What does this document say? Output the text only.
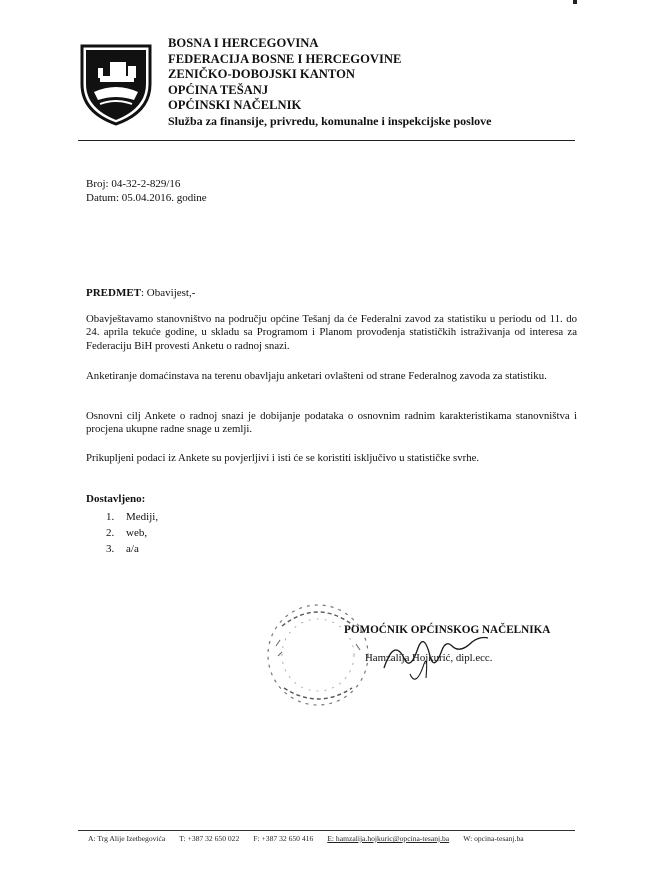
BOSNA I HERCEGOVINA
FEDERACIJA BOSNE I HERCEGOVINE
ZENIČKO-DOBOJSKI KANTON
OPĆINA TEŠANJ
OPĆINSKI NAČELNIK
Služba za finansije, privredu, komunalne i inspekcijske poslove
Broj: 04-32-2-829/16
Datum: 05.04.2016. godine
PREDMET: Obavijest,-
Obavještavamo stanovništvo na području općine Tešanj da će Federalni zavod za statistiku u periodu od 11. do 24. aprila tekuće godine, u skladu sa Programom i Planom provođenja statističkih istraživanja od interesa za Federaciju BiH provesti Anketu o radnoj snazi.
Anketiranje domaćinstava na terenu obavljaju anketari ovlašteni od strane Federalnog zavoda za statistiku.
Osnovni cilj Ankete o radnoj snazi je dobijanje podataka o osnovnim radnim karakteristikama stanovništva i procjena ukupne radne snage u zemlji.
Prikupljeni podaci iz Ankete su povjerljivi i isti će se koristiti isključivo u statističke svrhe.
Dostavljeno:
1.	Mediji,
2.	web,
3.	a/a
POMOĆNIK OPĆINSKOG NAČELNIKA
Hamzalija Hojkurić, dipl.ecc.
A: Trg Alije Izetbegovića T: +387 32 650 022 F: +387 32 650 416 E: hamzalija.hojkuric@opcina-tesanj.ba W: opcina-tesanj.ba
